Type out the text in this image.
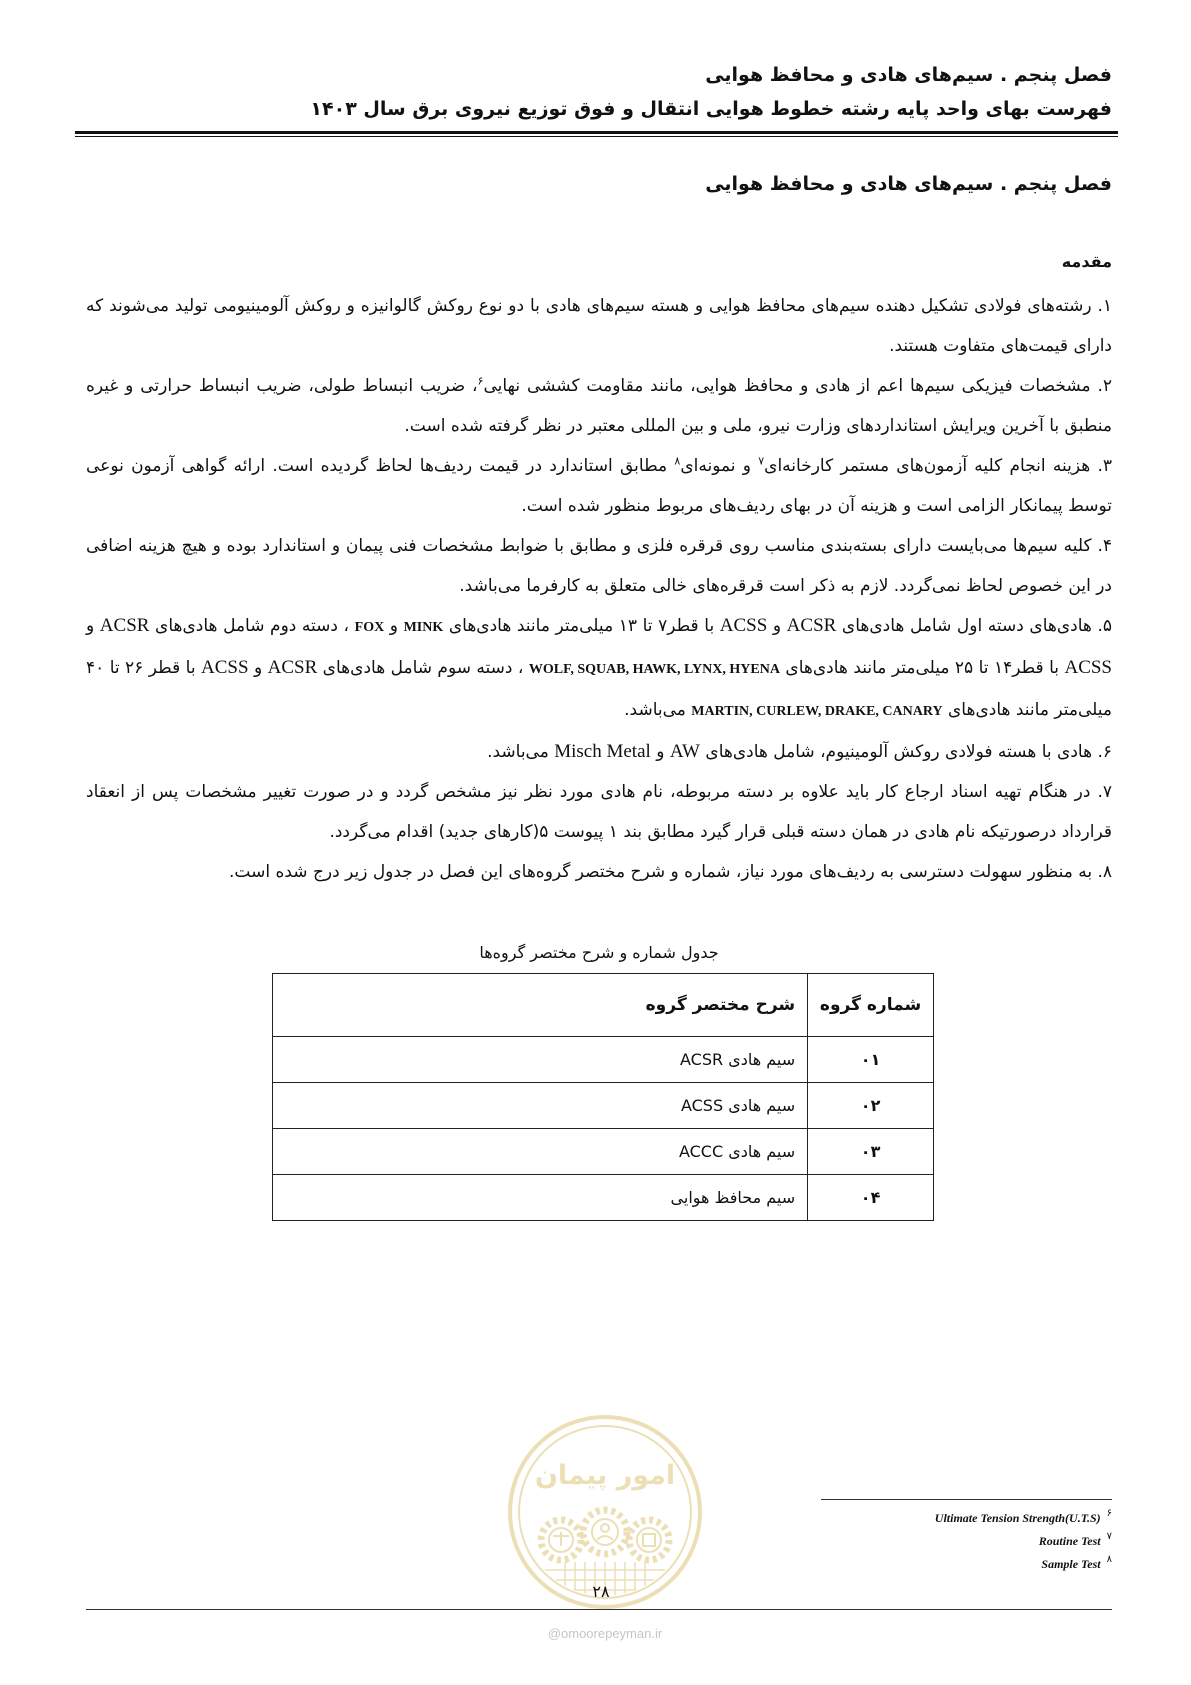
امور پیمان
فصل پنجم . سیم‌های هادی و محافظ هوایی
فهرست بهای واحد پایه رشته خطوط هوایی انتقال و فوق توزیع نیروی برق سال ۱۴۰۳
فصل پنجم . سیم‌های هادی و محافظ هوایی
مقدمه

۱. رشته‌های فولادی تشکیل دهنده سیم‌های محافظ هوایی و هسته سیم‌های هادی با دو نوع روکش گالوانیزه و روکش آلومینیومی تولید می‌شوند که دارای قیمت‌های متفاوت هستند.

۲. مشخصات فیزیکی سیم‌ها اعم از هادی و محافظ هوایی، مانند مقاومت کششی نهایی$^۶$، ضریب انبساط طولی، ضریب انبساط حرارتی و غیره منطبق با آخرین ویرایش استانداردهای وزارت نیرو، ملی و بین المللی معتبر در نظر گرفته شده است.

۳. هزینه انجام کلیه آزمون‌های مستمر کارخانه‌ای$^۷$ و نمونه‌ای$^۸$ مطابق استاندارد در قیمت ردیف‌ها لحاظ گردیده است. ارائه گواهی آزمون نوعی توسط پیمانکار الزامی است و هزینه آن در بهای ردیف‌های مربوط منظور شده است.

۴. کلیه سیم‌ها می‌بایست دارای بسته‌بندی مناسب روی قرقره فلزی و مطابق با ضوابط مشخصات فنی پیمان و استاندارد بوده و هیچ هزینه اضافی در این خصوص لحاظ نمی‌گردد. لازم به ذکر است قرقره‌های خالی متعلق به کارفرما می‌باشد.

۵. هادی‌های دسته اول شامل هادی‌های ACSR و ACSS با قطر۷ تا ۱۳ میلی‌متر مانند هادی‌های MINK و FOX ، دسته دوم شامل هادی‌های ACSR و ACSS با قطر۱۴ تا ۲۵ میلی‌متر مانند هادی‌های WOLF, SQUAB, HAWK, LYNX, HYENA ، دسته سوم شامل هادی‌های ACSR و ACSS با قطر ۲۶ تا ۴۰ میلی‌متر مانند هادی‌های MARTIN, CURLEW, DRAKE, CANARY می‌باشد.

۶. هادی با هسته فولادی روکش آلومینیوم، شامل هادی‌های AW و Misch Metal می‌باشد.

۷. در هنگام تهیه اسناد ارجاع کار باید علاوه بر دسته مربوطه، نام هادی مورد نظر نیز مشخص گردد و در صورت تغییر مشخصات پس از انعقاد قرارداد درصورتیکه نام هادی در همان دسته قبلی قرار گیرد مطابق بند ۱ پیوست ۵(کارهای جدید) اقدام می‌گردد.

۸. به منظور سهولت دسترسی به ردیف‌های مورد نیاز، شماره و شرح مختصر گروه‌های این فصل در جدول زیر درج شده است.

جدول شماره و شرح مختصر گروه‌ها
شماره گروه	شرح مختصر گروه
۰۱	سیم هادی ACSR
۰۲	سیم هادی ACSS
۰۳	سیم هادی ACCC
۰۴	سیم محافظ هوایی
$^۶$Ultimate Tension Strength(U.T.S)
$^۷$Routine Test
$^۸$Sample Test
۲۸
@omoorepeyman.ir
